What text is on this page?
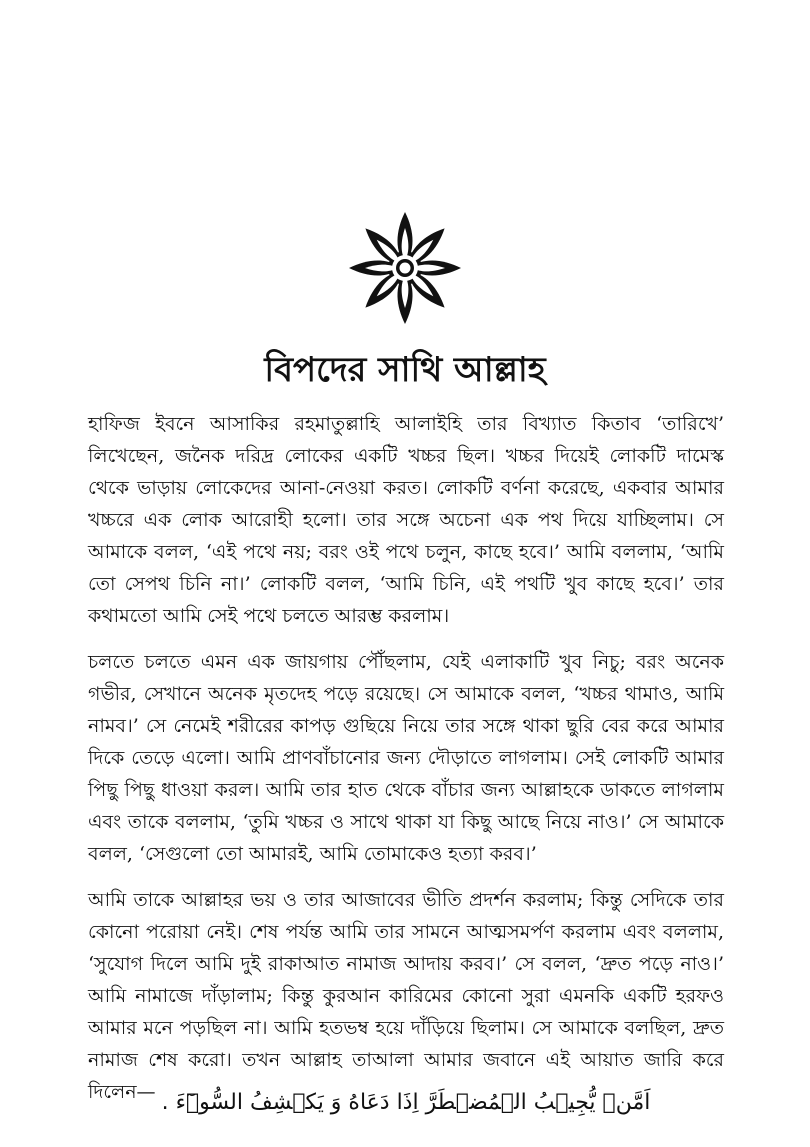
বিপদের সাথি আল্লাহ

হাফিজ ইবনে আসাকির রহমাতুল্লাহি আলাইহি তার বিখ্যাত কিতাব ‘তারিখে’ লিখেছেন, জনৈক দরিদ্র লোকের একটি খচ্চর ছিল। খচ্চর দিয়েই লোকটি দামেস্ক থেকে ভাড়ায় লোকেদের আনা-নেওয়া করত। লোকটি বর্ণনা করেছে, একবার আমার খচ্চরে এক লোক আরোহী হলো। তার সঙ্গে অচেনা এক পথ দিয়ে যাচ্ছিলাম। সে আমাকে বলল, ‘এই পথে নয়; বরং ওই পথে চলুন, কাছে হবে।’ আমি বললাম, ‘আমি তো সেপথ চিনি না।’ লোকটি বলল, ‘আমি চিনি, এই পথটি খুব কাছে হবে।’ তার কথামতো আমি সেই পথে চলতে আরম্ভ করলাম।

চলতে চলতে এমন এক জায়গায় পৌঁছলাম, যেই এলাকাটি খুব নিচু; বরং অনেক গভীর, সেখানে অনেক মৃতদেহ পড়ে রয়েছে। সে আমাকে বলল, ‘খচ্চর থামাও, আমি নামব।’ সে নেমেই শরীরের কাপড় গুছিয়ে নিয়ে তার সঙ্গে থাকা ছুরি বের করে আমার দিকে তেড়ে এলো। আমি প্রাণবাঁচানোর জন্য দৌড়াতে লাগলাম। সেই লোকটি আমার পিছু পিছু ধাওয়া করল। আমি তার হাত থেকে বাঁচার জন্য আল্লাহকে ডাকতে লাগলাম এবং তাকে বললাম, ‘তুমি খচ্চর ও সাথে থাকা যা কিছু আছে নিয়ে নাও।’ সে আমাকে বলল, ‘সেগুলো তো আমারই, আমি তোমাকেও হত্যা করব।’

আমি তাকে আল্লাহর ভয় ও তার আজাবের ভীতি প্রদর্শন করলাম; কিন্তু সেদিকে তার কোনো পরোয়া নেই। শেষ পর্যন্ত আমি তার সামনে আত্মসমর্পণ করলাম এবং বললাম, ‘সুযোগ দিলে আমি দুই রাকাআত নামাজ আদায় করব।’ সে বলল, ‘দ্রুত পড়ে নাও।’ আমি নামাজে দাঁড়ালাম; কিন্তু কুরআন কারিমের কোনো সুরা এমনকি একটি হরফও আমার মনে পড়ছিল না। আমি হতভম্ব হয়ে দাঁড়িয়ে ছিলাম। সে আমাকে বলছিল, দ্রুত নামাজ শেষ করো। তখন আল্লাহ তাআলা আমার জবানে এই আয়াত জারি করে দিলেন— اَمَّنۡ یُّجِیۡبُ الۡمُضۡطَرَّ اِذَا دَعَاهُ وَ یَکۡشِفُ السُّوۡٓءَ .
